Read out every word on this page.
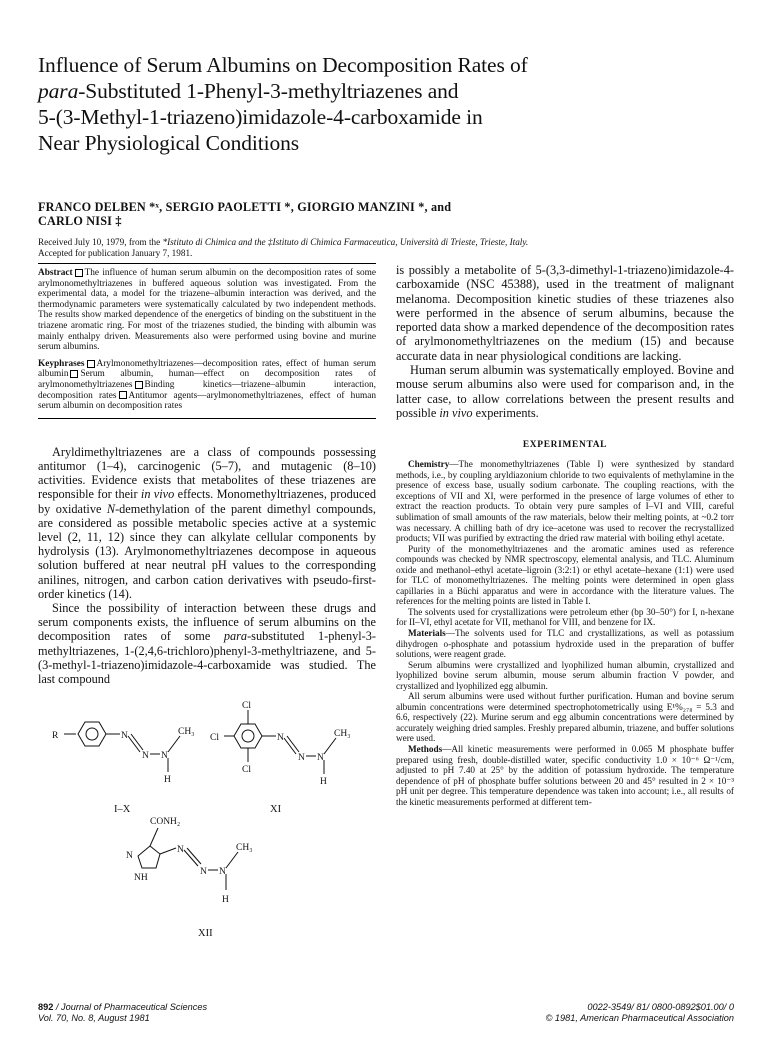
Influence of Serum Albumins on Decomposition Rates of
para-Substituted 1-Phenyl-3-methyltriazenes and
5-(3-Methyl-1-triazeno)imidazole-4-carboxamide in
Near Physiological Conditions
FRANCO DELBEN *ˣ, SERGIO PAOLETTI *, GIORGIO MANZINI *, and
CARLO NISI ‡
Received July 10, 1979, from the *Istituto di Chimica and the ‡Istituto di Chimica Farmaceutica, Università di Trieste, Trieste, Italy.
Accepted for publication January 7, 1981.

Abstract The influence of human serum albumin on the decomposition rates of some arylmonomethyltriazenes in buffered aqueous solution was investigated. From the experimental data, a model for the triazene–albumin interaction was derived, and the thermodynamic parameters were systematically calculated by two independent methods. The results show marked dependence of the energetics of binding on the substituent in the triazene aromatic ring. For most of the triazenes studied, the binding with albumin was mainly enthalpy driven. Measurements also were performed using bovine and murine serum albumins.

Keyphrases Arylmonomethyltriazenes—decomposition rates, effect of human serum albumin Serum albumin, human—effect on decomposition rates of arylmonomethyltriazenes Binding kinetics—triazene–albumin interaction, decomposition rates Antitumor agents—arylmonomethyltriazenes, effect of human serum albumin on decomposition rates

Aryldimethyltriazenes are a class of compounds possessing antitumor (1–4), carcinogenic (5–7), and mutagenic (8–10) activities. Evidence exists that metabolites of these triazenes are responsible for their in vivo effects. Monomethyltriazenes, produced by oxidative N-demethylation of the parent dimethyl compounds, are considered as possible metabolic species active at a systemic level (2, 11, 12) since they can alkylate cellular components by hydrolysis (13). Arylmonomethyltriazenes decompose in aqueous solution buffered at near neutral pH values to the corresponding anilines, nitrogen, and carbon cation derivatives with pseudo-first-order kinetics (14).

Since the possibility of interaction between these drugs and serum components exists, the influence of serum albumins on the decomposition rates of some para-substituted 1-phenyl-3-methyltriazenes, 1-(2,4,6-trichloro)phenyl-3-methyltriazene, and 5-(3-methyl-1-triazeno)imidazole-4-carboxamide was studied. The last compound

R	N
N N
CH₃
H
I–X
Cl
Cl
Cl
N
N N
CH₃
H
XI
CONH₂
N
NH
N
N N
CH₃
H
XII

is possibly a metabolite of 5-(3,3-dimethyl-1-triazeno)imidazole-4-carboxamide (NSC 45388), used in the treatment of malignant melanoma. Decomposition kinetic studies of these triazenes also were performed in the absence of serum albumins, because the reported data show a marked dependence of the decomposition rates of arylmonomethyltriazenes on the medium (15) and because accurate data in near physiological conditions are lacking.

Human serum albumin was systematically employed. Bovine and mouse serum albumins also were used for comparison and, in the latter case, to allow correlations between the present results and possible in vivo experiments.

EXPERIMENTAL

Chemistry—The monomethyltriazenes (Table I) were synthesized by standard methods, i.e., by coupling aryldiazonium chloride to two equivalents of methylamine in the presence of excess base, usually sodium carbonate. The coupling reactions, with the exceptions of VII and XI, were performed in the presence of large volumes of ether to extract the reaction products. To obtain very pure samples of I–VI and VIII, careful sublimation of small amounts of the raw materials, below their melting points, at ~0.2 torr was necessary. A chilling bath of dry ice–acetone was used to recover the recrystallized products; VII was purified by extracting the dried raw material with boiling ethyl acetate.

Purity of the monomethyltriazenes and the aromatic amines used as reference compounds was checked by NMR spectroscopy, elemental analysis, and TLC. Aluminum oxide and methanol–ethyl acetate–ligroin (3:2:1) or ethyl acetate–hexane (1:1) were used for TLC of monomethyltriazenes. The melting points were determined in open glass capillaries in a Büchi apparatus and were in accordance with the literature values. The references for the melting points are listed in Table I.

The solvents used for crystallizations were petroleum ether (bp 30–50°) for I, n-hexane for II–VI, ethyl acetate for VII, methanol for VIII, and benzene for IX.

Materials—The solvents used for TLC and crystallizations, as well as potassium dihydrogen o-phosphate and potassium hydroxide used in the preparation of buffer solutions, were reagent grade.

Serum albumins were crystallized and lyophilized human albumin, crystallized and lyophilized bovine serum albumin, mouse serum albumin fraction V powder, and crystallized and lyophilized egg albumin.

All serum albumins were used without further purification. Human and bovine serum albumin concentrations were determined spectrophotometrically using E¹%₂₇₈ = 5.3 and 6.6, respectively (22). Murine serum and egg albumin concentrations were determined by accurately weighing dried samples. Freshly prepared albumin, triazene, and buffer solutions were used.

Methods—All kinetic measurements were performed in 0.065 M phosphate buffer prepared using fresh, double-distilled water, specific conductivity 1.0 × 10⁻⁶ Ω⁻¹/cm, adjusted to pH 7.40 at 25° by the addition of potassium hydroxide. The temperature dependence of pH of phosphate buffer solutions between 20 and 45° resulted in 2 × 10⁻³ pH unit per degree. This temperature dependence was taken into account; i.e., all results of the kinetic measurements performed at different tem-

892 / Journal of Pharmaceutical Sciences
Vol. 70, No. 8, August 1981
0022-3549/ 81/ 0800-0892$01.00/ 0
© 1981, American Pharmaceutical Association
